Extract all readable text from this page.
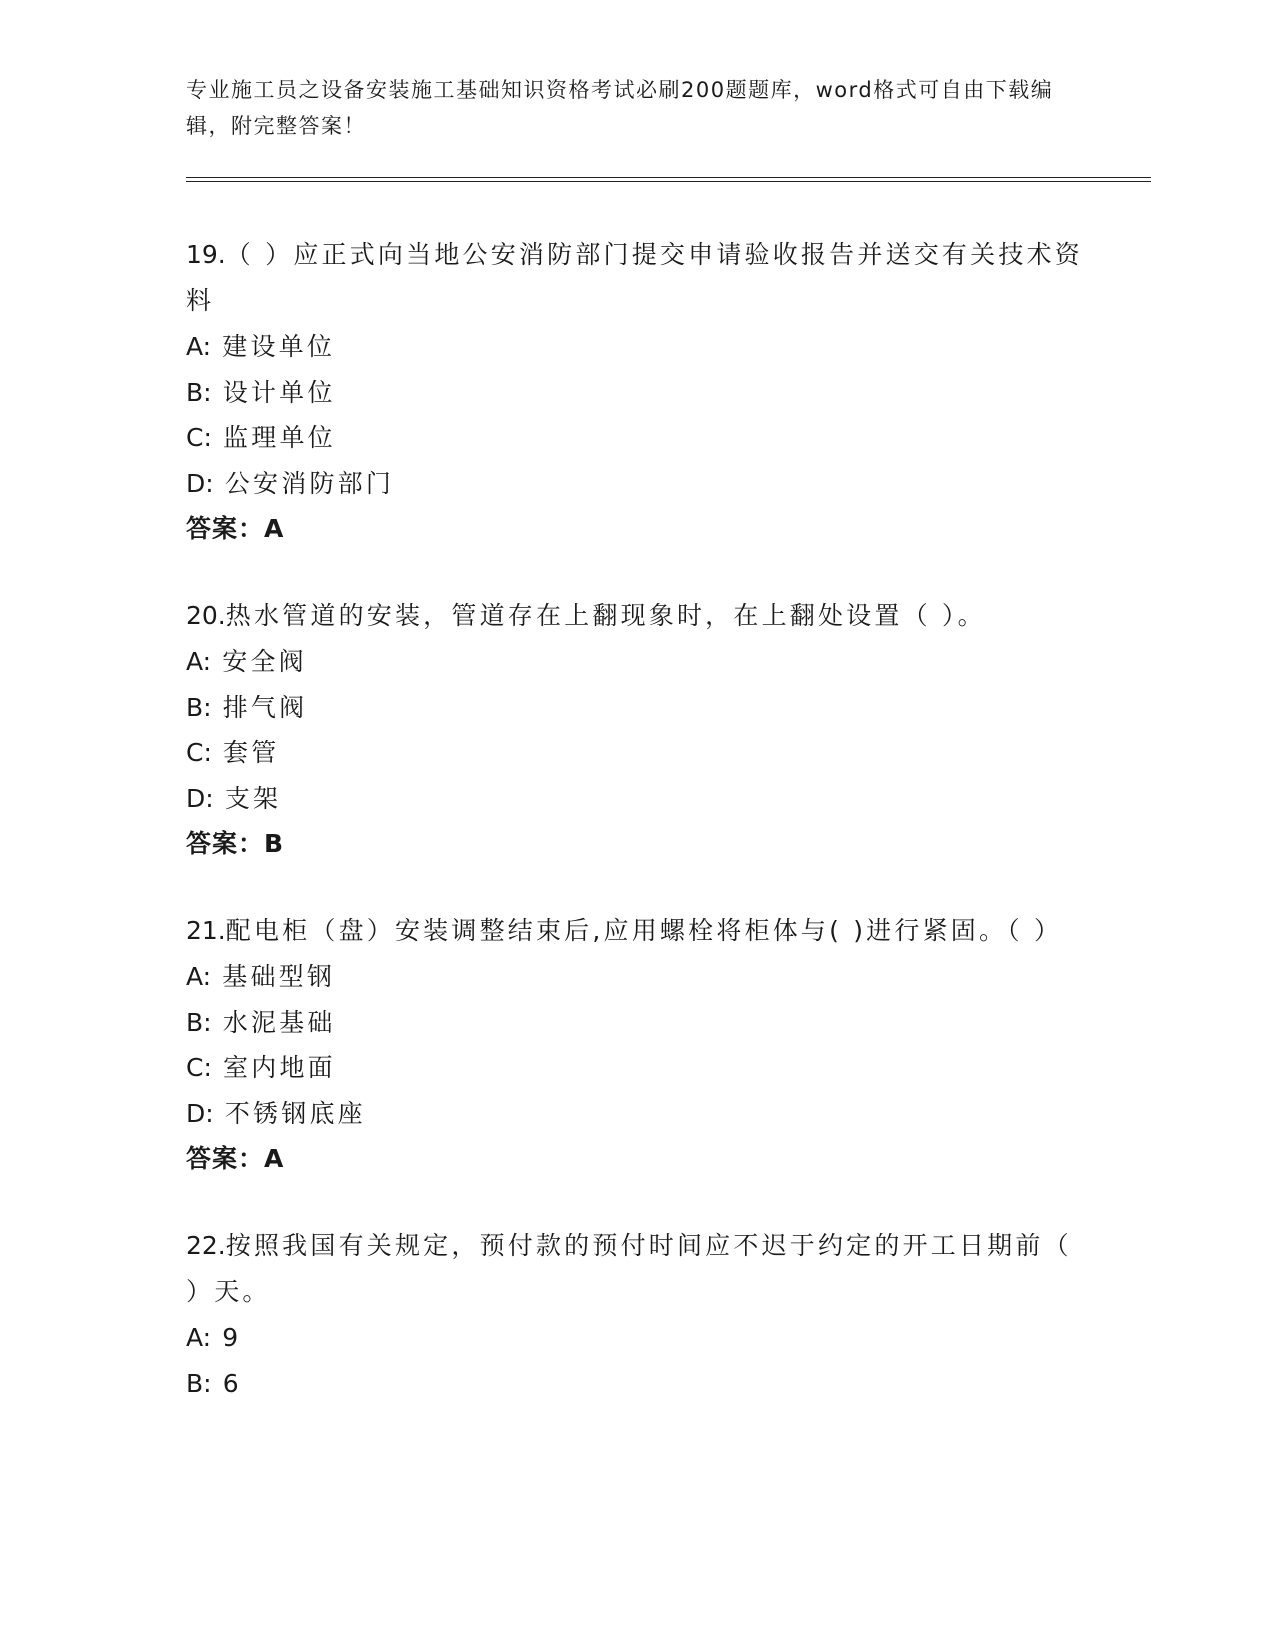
专业施工员之设备安装施工基础知识资格考试必刷200题题库，word格式可自由下载编辑，附完整答案！
19.（ ）应正式向当地公安消防部门提交申请验收报告并送交有关技术资料
A: 建设单位
B: 设计单位
C: 监理单位
D: 公安消防部门
答案：A
20.热水管道的安装，管道存在上翻现象时，在上翻处设置（ ）。
A: 安全阀
B: 排气阀
C: 套管
D: 支架
答案：B
21.配电柜（盘）安装调整结束后,应用螺栓将柜体与( )进行紧固。（ ）
A: 基础型钢
B: 水泥基础
C: 室内地面
D: 不锈钢底座
答案：A
22.按照我国有关规定，预付款的预付时间应不迟于约定的开工日期前（ ）天。
A: 9
B: 6
